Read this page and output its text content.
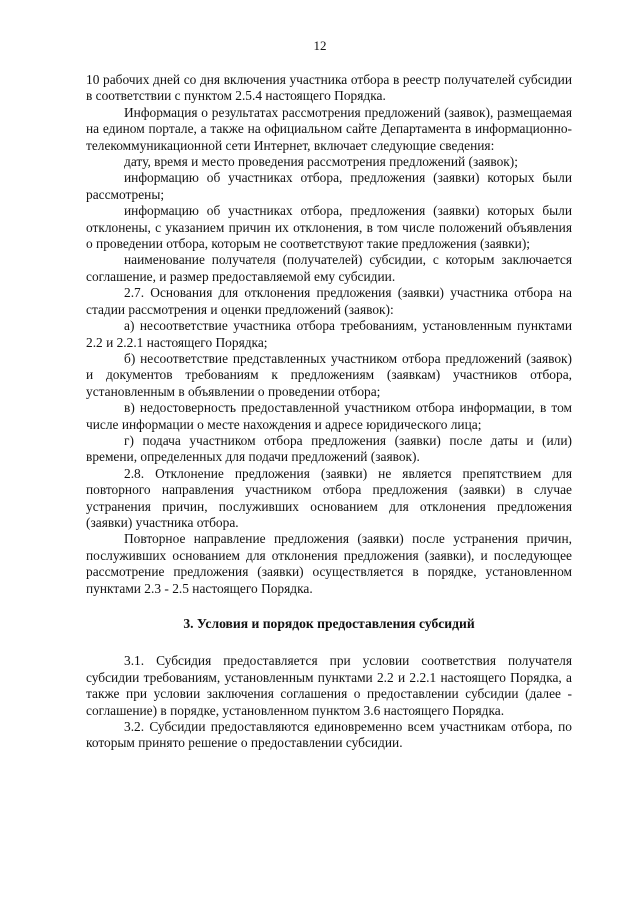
12

10 рабочих дней со дня включения участника отбора в реестр получателей субсидии в соответствии с пунктом 2.5.4 настоящего Порядка.

Информация о результатах рассмотрения предложений (заявок), размещаемая на едином портале, а также на официальном сайте Департамента в информационно-телекоммуникационной сети Интернет, включает следующие сведения:

дату, время и место проведения рассмотрения предложений (заявок);

информацию об участниках отбора, предложения (заявки) которых были рассмотрены;

информацию об участниках отбора, предложения (заявки) которых были отклонены, с указанием причин их отклонения, в том числе положений объявления о проведении отбора, которым не соответствуют такие предложения (заявки);

наименование получателя (получателей) субсидии, с которым заключается соглашение, и размер предоставляемой ему субсидии.

2.7. Основания для отклонения предложения (заявки) участника отбора на стадии рассмотрения и оценки предложений (заявок):

а) несоответствие участника отбора требованиям, установленным пунктами 2.2 и 2.2.1 настоящего Порядка;

б) несоответствие представленных участником отбора предложений (заявок) и документов требованиям к предложениям (заявкам) участников отбора, установленным в объявлении о проведении отбора;

в) недостоверность предоставленной участником отбора информации, в том числе информации о месте нахождения и адресе юридического лица;

г) подача участником отбора предложения (заявки) после даты и (или) времени, определенных для подачи предложений (заявок).

2.8. Отклонение предложения (заявки) не является препятствием для повторного направления участником отбора предложения (заявки) в случае устранения причин, послуживших основанием для отклонения предложения (заявки) участника отбора.

Повторное направление предложения (заявки) после устранения причин, послуживших основанием для отклонения предложения (заявки), и последующее рассмотрение предложения (заявки) осуществляется в порядке, установленном пунктами 2.3 - 2.5 настоящего Порядка.

3. Условия и порядок предоставления субсидий

3.1. Субсидия предоставляется при условии соответствия получателя субсидии требованиям, установленным пунктами 2.2 и 2.2.1 настоящего Порядка, а также при условии заключения соглашения о предоставлении субсидии (далее - соглашение) в порядке, установленном пунктом 3.6 настоящего Порядка.

3.2. Субсидии предоставляются единовременно всем участникам отбора, по которым принято решение о предоставлении субсидии.
